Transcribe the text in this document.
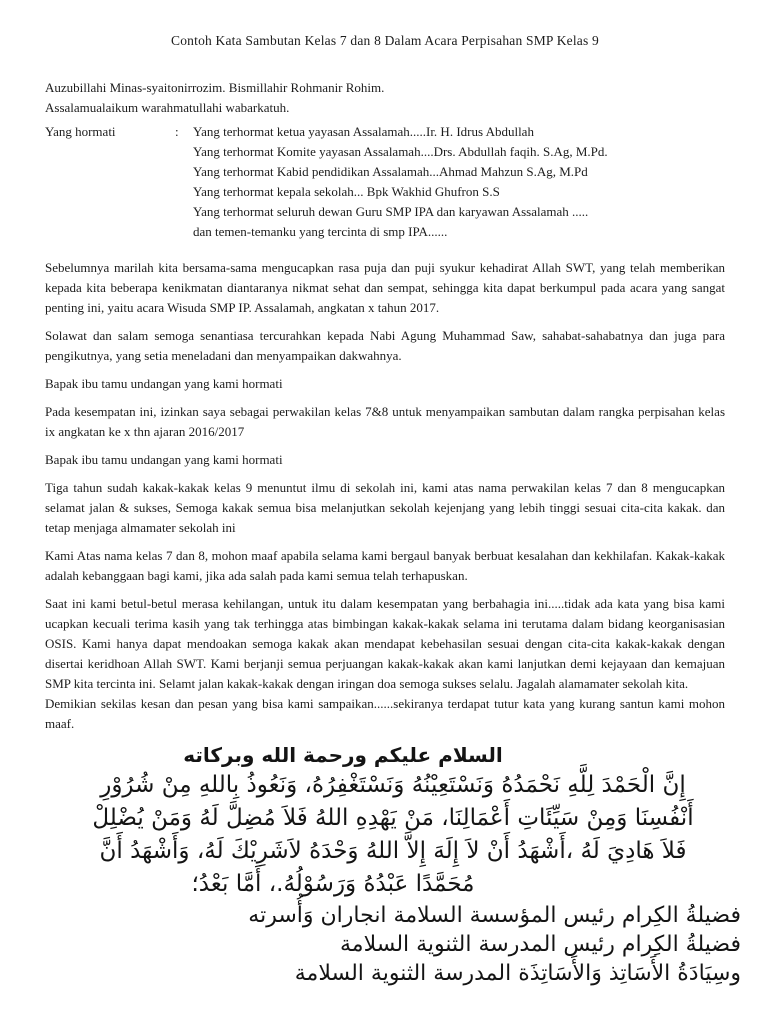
Contoh Kata Sambutan Kelas 7 dan 8 Dalam Acara Perpisahan SMP Kelas 9

Auzubillahi Minas-syaitonirrozim. Bismillahir Rohmanir Rohim.

Assalamualaikum warahmatullahi wabarkatuh.

Yang hormati	:	Yang terhormat ketua yayasan Assalamah.....Ir. H. Idrus Abdullah
Yang terhormat Komite yayasan Assalamah....Drs. Abdullah faqih. S.Ag, M.Pd.
Yang terhormat Kabid pendidikan Assalamah...Ahmad Mahzun S.Ag, M.Pd
Yang terhormat kepala sekolah... Bpk Wakhid Ghufron S.S
Yang terhormat seluruh dewan Guru SMP IPA dan karyawan Assalamah .....
dan temen-temanku yang tercinta di smp IPA......

Sebelumnya marilah kita bersama-sama mengucapkan rasa puja dan puji syukur kehadirat Allah SWT, yang telah memberikan kepada kita beberapa kenikmatan diantaranya nikmat sehat dan sempat, sehingga kita dapat berkumpul pada acara yang sangat penting ini, yaitu acara Wisuda SMP IP. Assalamah, angkatan x tahun 2017.

Solawat dan salam semoga senantiasa tercurahkan kepada Nabi Agung Muhammad Saw, sahabat-sahabatnya dan juga para pengikutnya, yang setia meneladani dan menyampaikan dakwahnya.

Bapak ibu tamu undangan yang kami hormati

Pada kesempatan ini, izinkan saya sebagai perwakilan kelas 7&8 untuk menyampaikan sambutan dalam rangka perpisahan kelas ix angkatan ke x thn ajaran 2016/2017

Bapak ibu tamu undangan yang kami hormati

Tiga tahun sudah kakak-kakak kelas 9 menuntut ilmu di sekolah ini, kami atas nama perwakilan kelas 7 dan 8 mengucapkan selamat jalan & sukses, Semoga kakak semua bisa melanjutkan sekolah kejenjang yang lebih tinggi sesuai cita-cita kakak. dan tetap menjaga almamater sekolah ini

Kami Atas nama kelas 7 dan 8, mohon maaf apabila selama kami bergaul banyak berbuat kesalahan dan kekhilafan. Kakak-kakak adalah kebanggaan bagi kami, jika ada salah pada kami semua telah terhapuskan.

Saat ini kami betul-betul merasa kehilangan, untuk itu dalam kesempatan yang berbahagia ini.....tidak ada kata yang bisa kami ucapkan kecuali terima kasih yang tak terhingga atas bimbingan kakak-kakak selama ini terutama dalam bidang keorganisasian OSIS. Kami hanya dapat mendoakan semoga kakak akan mendapat kebehasilan sesuai dengan cita-cita kakak-kakak dengan disertai keridhoan Allah SWT. Kami berjanji semua perjuangan kakak-kakak akan kami lanjutkan demi kejayaan dan kemajuan SMP kita tercinta ini. Selamt jalan kakak-kakak dengan iringan doa semoga sukses selalu. Jagalah alamamater sekolah kita.

Demikian sekilas kesan dan pesan yang bisa kami sampaikan......sekiranya terdapat tutur kata yang kurang santun kami mohon maaf.

السلام عليكم ورحمة الله وبركاته
إِنَّ الْحَمْدَ لِلَّهِ نَحْمَدُهُ وَنَسْتَعِيْنُهُ وَنَسْتَغْفِرُهُ، وَنَعُوذُ بِاللهِ مِنْ شُرُوْرِ
أَنْفُسِنَا وَمِنْ سَيِّئَاتِ أَعْمَالِنَا، مَنْ يَهْدِهِ اللهُ فَلاَ مُضِلَّ لَهُ وَمَنْ يُضْلِلْ
فَلاَ هَادِيَ لَهُ ،أَشْهَدُ أَنْ لاَ إِلَهَ إِلاَّ اللهُ وَحْدَهُ لاَشَرِيْكَ لَهُ، وَأَشْهَدُ أَنَّ
مُحَمَّدًا عَبْدُهُ وَرَسُوْلُهُ.، أَمَّا بَعْدُ؛
فضيلةُ الكِرام رئيس المؤسسة السلامة انجاران وَأُسرته
فضيلةُ الكِرام رئيس المدرسة الثنوية السلامة
وسِيَادَةُ الأَسَاتِذ وَالأَسَاتِذَة المدرسة الثنوية السلامة
